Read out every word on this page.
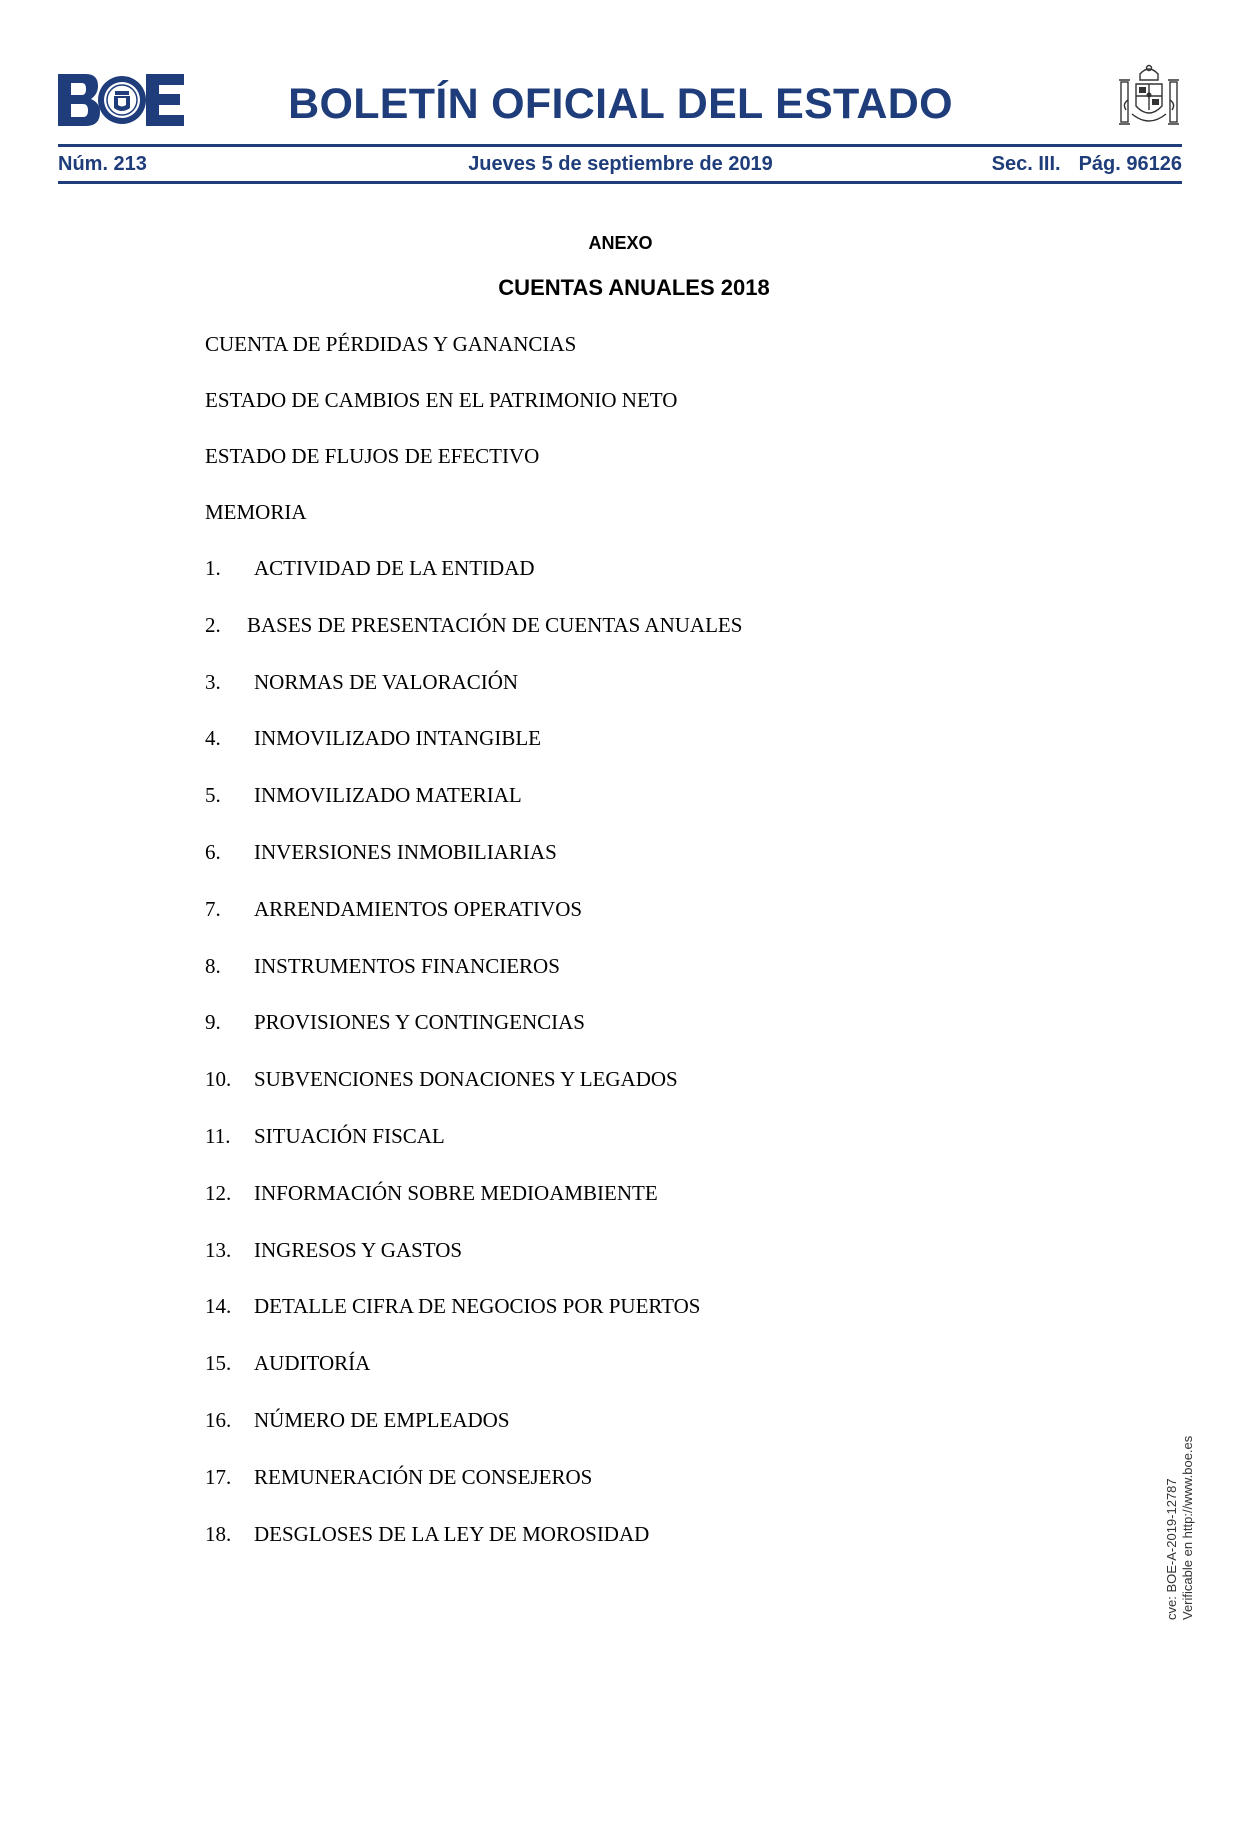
BOLETÍN OFICIAL DEL ESTADO
Núm. 213	Jueves 5 de septiembre de 2019	Sec. III. Pág. 96126
ANEXO
CUENTAS ANUALES 2018
CUENTA DE PÉRDIDAS Y GANANCIAS
ESTADO DE CAMBIOS EN EL PATRIMONIO NETO
ESTADO DE FLUJOS DE EFECTIVO
MEMORIA
1.	ACTIVIDAD DE LA ENTIDAD
2.	BASES DE PRESENTACIÓN DE CUENTAS ANUALES
3.	NORMAS DE VALORACIÓN
4.	INMOVILIZADO INTANGIBLE
5.	INMOVILIZADO MATERIAL
6.	INVERSIONES INMOBILIARIAS
7.	ARRENDAMIENTOS OPERATIVOS
8.	INSTRUMENTOS FINANCIEROS
9.	PROVISIONES Y CONTINGENCIAS
10.	SUBVENCIONES DONACIONES Y LEGADOS
11.	SITUACIÓN FISCAL
12.	INFORMACIÓN SOBRE MEDIOAMBIENTE
13.	INGRESOS Y GASTOS
14.	DETALLE CIFRA DE NEGOCIOS POR PUERTOS
15.	AUDITORÍA
16.	NÚMERO DE EMPLEADOS
17.	REMUNERACIÓN DE CONSEJEROS
18.	DESGLOSES DE LA LEY DE MOROSIDAD	cve: BOE-A-2019-12787 Verificable en http://www.boe.es
